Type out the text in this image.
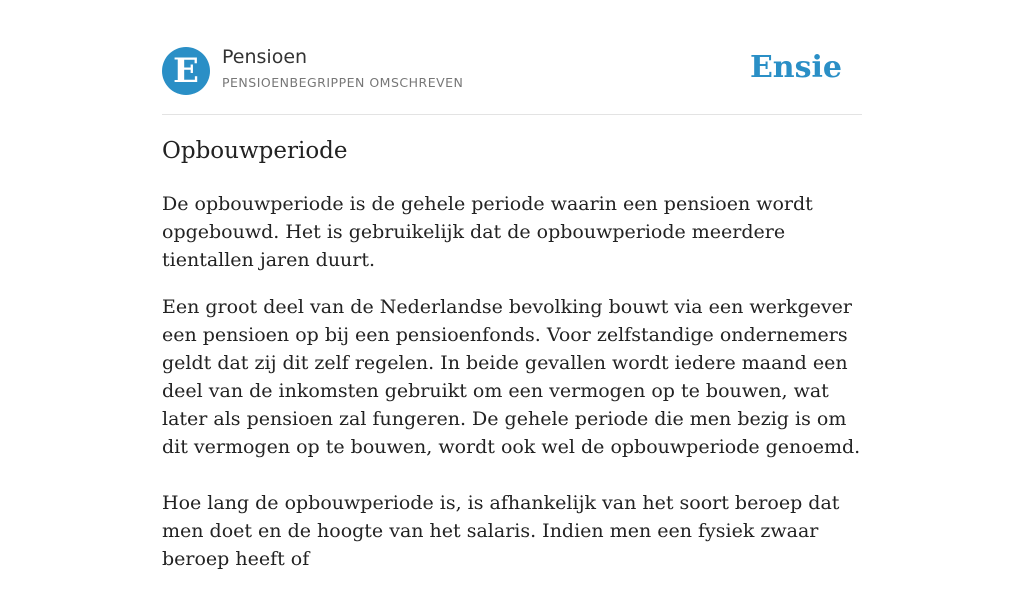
E	Pensioen
PENSIOENBEGRIPPEN OMSCHREVEN	Ensie
Opbouwperiode

De opbouwperiode is de gehele periode waarin een pensioen wordt opgebouwd. Het is gebruikelijk dat de opbouwperiode meerdere tientallen jaren duurt.

Een groot deel van de Nederlandse bevolking bouwt via een werkgever een pensioen op bij een pensioenfonds. Voor zelfstandige ondernemers geldt dat zij dit zelf regelen. In beide gevallen wordt iedere maand een deel van de inkomsten gebruikt om een vermogen op te bouwen, wat later als pensioen zal fungeren. De gehele periode die men bezig is om dit vermogen op te bouwen, wordt ook wel de opbouwperiode genoemd.

Hoe lang de opbouwperiode is, is afhankelijk van het soort beroep dat men doet en de hoogte van het salaris. Indien men een fysiek zwaar beroep heeft of
